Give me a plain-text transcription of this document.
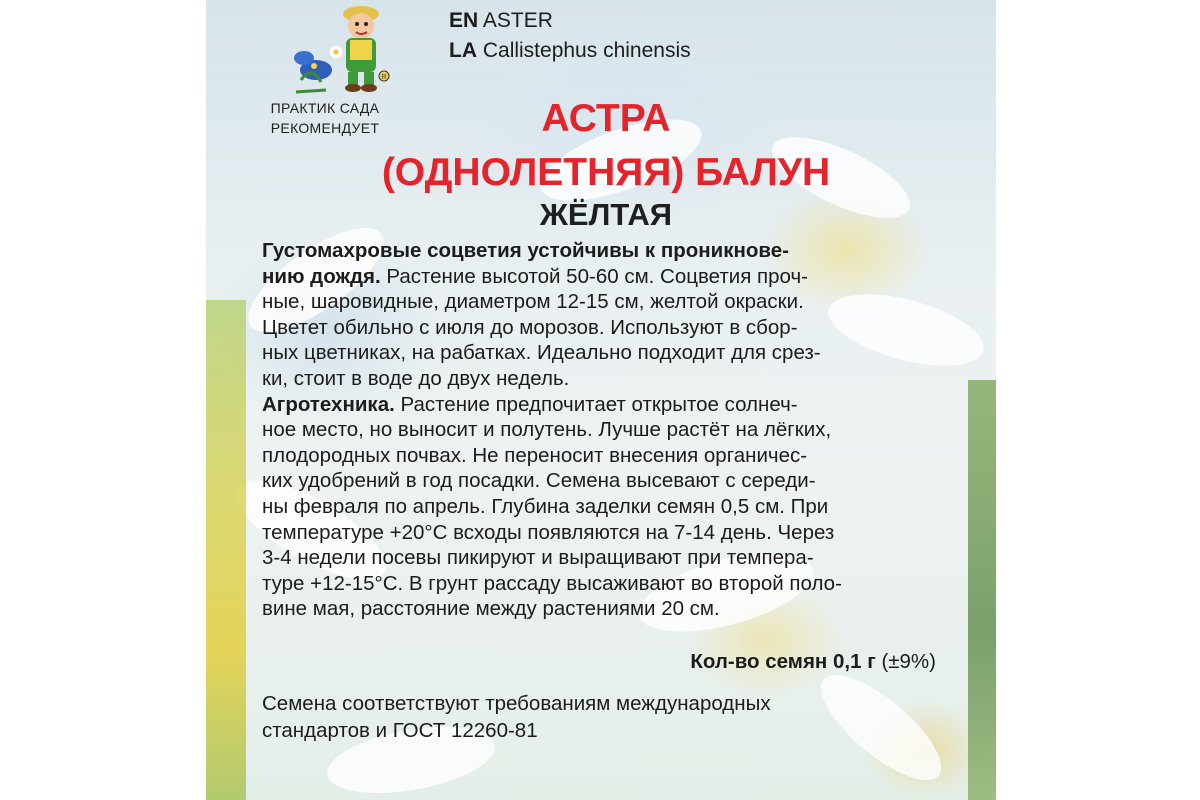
R
ПРАКТИК САДА
РЕКОМЕНДУЕТ
EN ASTER
LA Callistephus chinensis
АСТРА
(ОДНОЛЕТНЯЯ) БАЛУН
ЖЁЛТАЯ
Густомахровые соцветия устойчивы к проникнове-
нию дождя. Растение высотой 50-60 см. Соцветия проч-
ные, шаровидные, диаметром 12-15 см, желтой окраски.
Цветет обильно с июля до морозов. Используют в сбор-
ных цветниках, на рабатках. Идеально подходит для срез-
ки, стоит в воде до двух недель.
Агротехника. Растение предпочитает открытое солнеч-
ное место, но выносит и полутень. Лучше растёт на лёгких,
плодородных почвах. Не переносит внесения органичес-
ких удобрений в год посадки. Семена высевают с середи-
ны февраля по апрель. Глубина заделки семян 0,5 см. При
температуре +20°С всходы появляются на 7-14 день. Через
3-4 недели посевы пикируют и выращивают при темпера-
туре +12-15°С. В грунт рассаду высаживают во второй поло-
вине мая, расстояние между растениями 20 см.
Кол-во семян 0,1 г (±9%)
Семена соответствуют требованиям международных
стандартов и ГОСТ 12260-81
